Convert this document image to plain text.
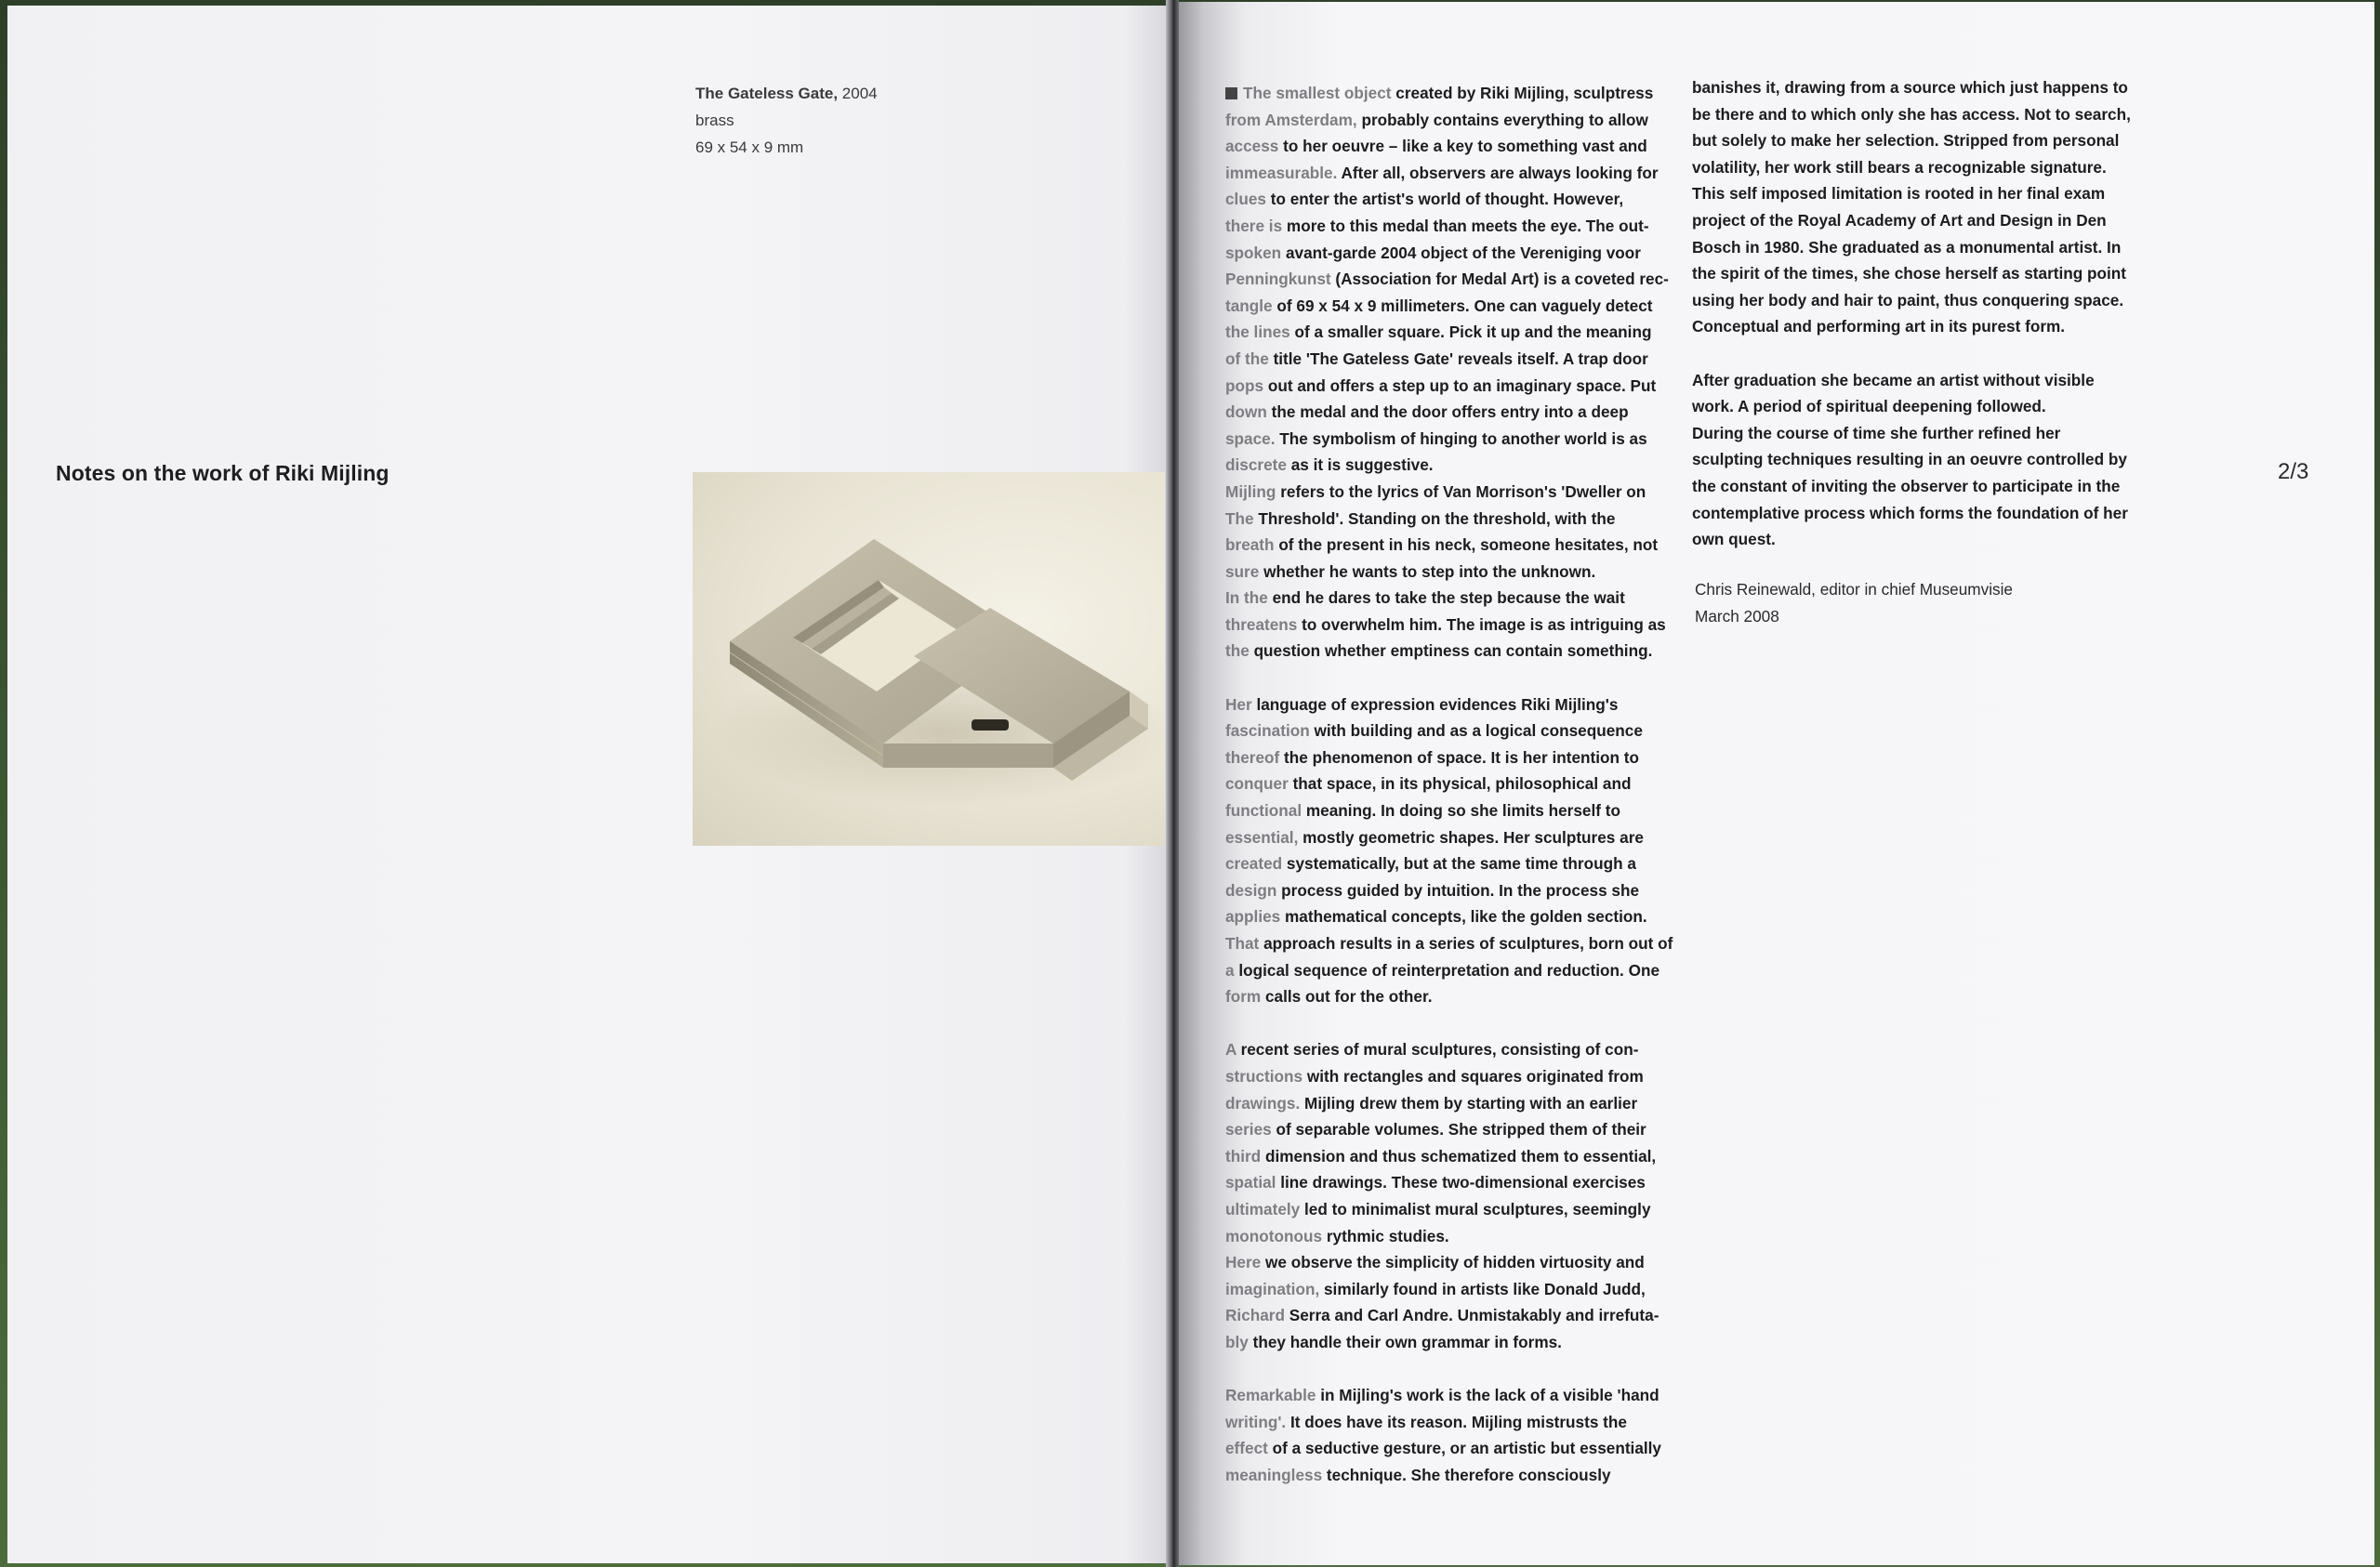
The Gateless Gate, 2004
brass
69 x 54 x 9 mm
Notes on the work of Riki Mijling

The smallest object created by Riki Mijling, sculptress

from Amsterdam, probably contains everything to allow

access to her oeuvre – like a key to something vast and

immeasurable. After all, observers are always looking for

clues to enter the artist's world of thought. However,

there is more to this medal than meets the eye. The out-

spoken avant-garde 2004 object of the Vereniging voor

Penningkunst (Association for Medal Art) is a coveted rec-

tangle of 69 x 54 x 9 millimeters. One can vaguely detect

the lines of a smaller square. Pick it up and the meaning

of the title 'The Gateless Gate' reveals itself. A trap door

pops out and offers a step up to an imaginary space. Put

down the medal and the door offers entry into a deep

space. The symbolism of hinging to another world is as

discrete as it is suggestive.

Mijling refers to the lyrics of Van Morrison's 'Dweller on

The Threshold'. Standing on the threshold, with the

breath of the present in his neck, someone hesitates, not

sure whether he wants to step into the unknown.

In the end he dares to take the step because the wait

threatens to overwhelm him. The image is as intriguing as

the question whether emptiness can contain something.

Her language of expression evidences Riki Mijling's

fascination with building and as a logical consequence

thereof the phenomenon of space. It is her intention to

conquer that space, in its physical, philosophical and

functional meaning. In doing so she limits herself to

essential, mostly geometric shapes. Her sculptures are

created systematically, but at the same time through a

design process guided by intuition. In the process she

applies mathematical concepts, like the golden section.

That approach results in a series of sculptures, born out of

a logical sequence of reinterpretation and reduction. One

form calls out for the other.

A recent series of mural sculptures, consisting of con-

structions with rectangles and squares originated from

drawings. Mijling drew them by starting with an earlier

series of separable volumes. She stripped them of their

third dimension and thus schematized them to essential,

spatial line drawings. These two-dimensional exercises

ultimately led to minimalist mural sculptures, seemingly

monotonous rythmic studies.

Here we observe the simplicity of hidden virtuosity and

imagination, similarly found in artists like Donald Judd,

Richard Serra and Carl Andre. Unmistakably and irrefuta-

bly they handle their own grammar in forms.

Remarkable in Mijling's work is the lack of a visible 'hand

writing'. It does have its reason. Mijling mistrusts the

effect of a seductive gesture, or an artistic but essentially

meaningless technique. She therefore consciously

banishes it, drawing from a source which just happens to

be there and to which only she has access. Not to search,

but solely to make her selection. Stripped from personal

volatility, her work still bears a recognizable signature.

This self imposed limitation is rooted in her final exam

project of the Royal Academy of Art and Design in Den

Bosch in 1980. She graduated as a monumental artist. In

the spirit of the times, she chose herself as starting point

using her body and hair to paint, thus conquering space.

Conceptual and performing art in its purest form.

After graduation she became an artist without visible

work. A period of spiritual deepening followed.

During the course of time she further refined her

sculpting techniques resulting in an oeuvre controlled by

the constant of inviting the observer to participate in the

contemplative process which forms the foundation of her

own quest.

Chris Reinewald, editor in chief Museumvisie
March 2008
2/3
